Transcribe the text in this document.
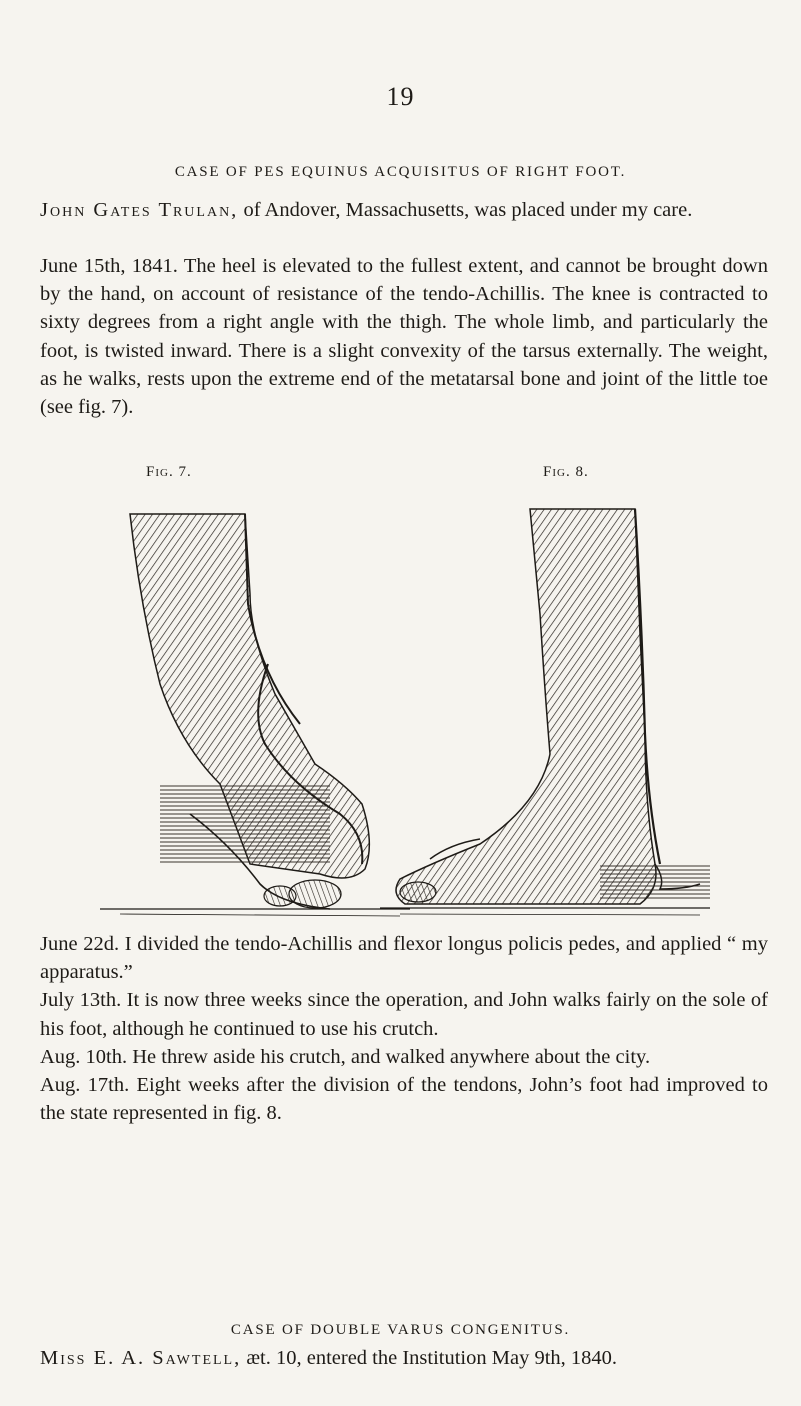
19
CASE OF PES EQUINUS ACQUISITUS OF RIGHT FOOT.
John Gates Trulan, of Andover, Massachusetts, was placed under my care.
June 15th, 1841. The heel is elevated to the fullest extent, and cannot be brought down by the hand, on account of resistance of the tendo-Achillis. The knee is contracted to sixty degrees from a right angle with the thigh. The whole limb, and particularly the foot, is twisted inward. There is a slight convexity of the tarsus externally. The weight, as he walks, rests upon the extreme end of the metatarsal bone and joint of the little toe (see fig. 7).
Fig. 7.	Fig. 8.
June 22d. I divided the tendo-Achillis and flexor longus policis pedes, and applied “ my apparatus.”
July 13th. It is now three weeks since the operation, and John walks fairly on the sole of his foot, although he continued to use his crutch.
Aug. 10th. He threw aside his crutch, and walked anywhere about the city.
Aug. 17th. Eight weeks after the division of the tendons, John’s foot had improved to the state represented in fig. 8.
CASE OF DOUBLE VARUS CONGENITUS.
Miss E. A. Sawtell, æt. 10, entered the Institution May 9th, 1840.
